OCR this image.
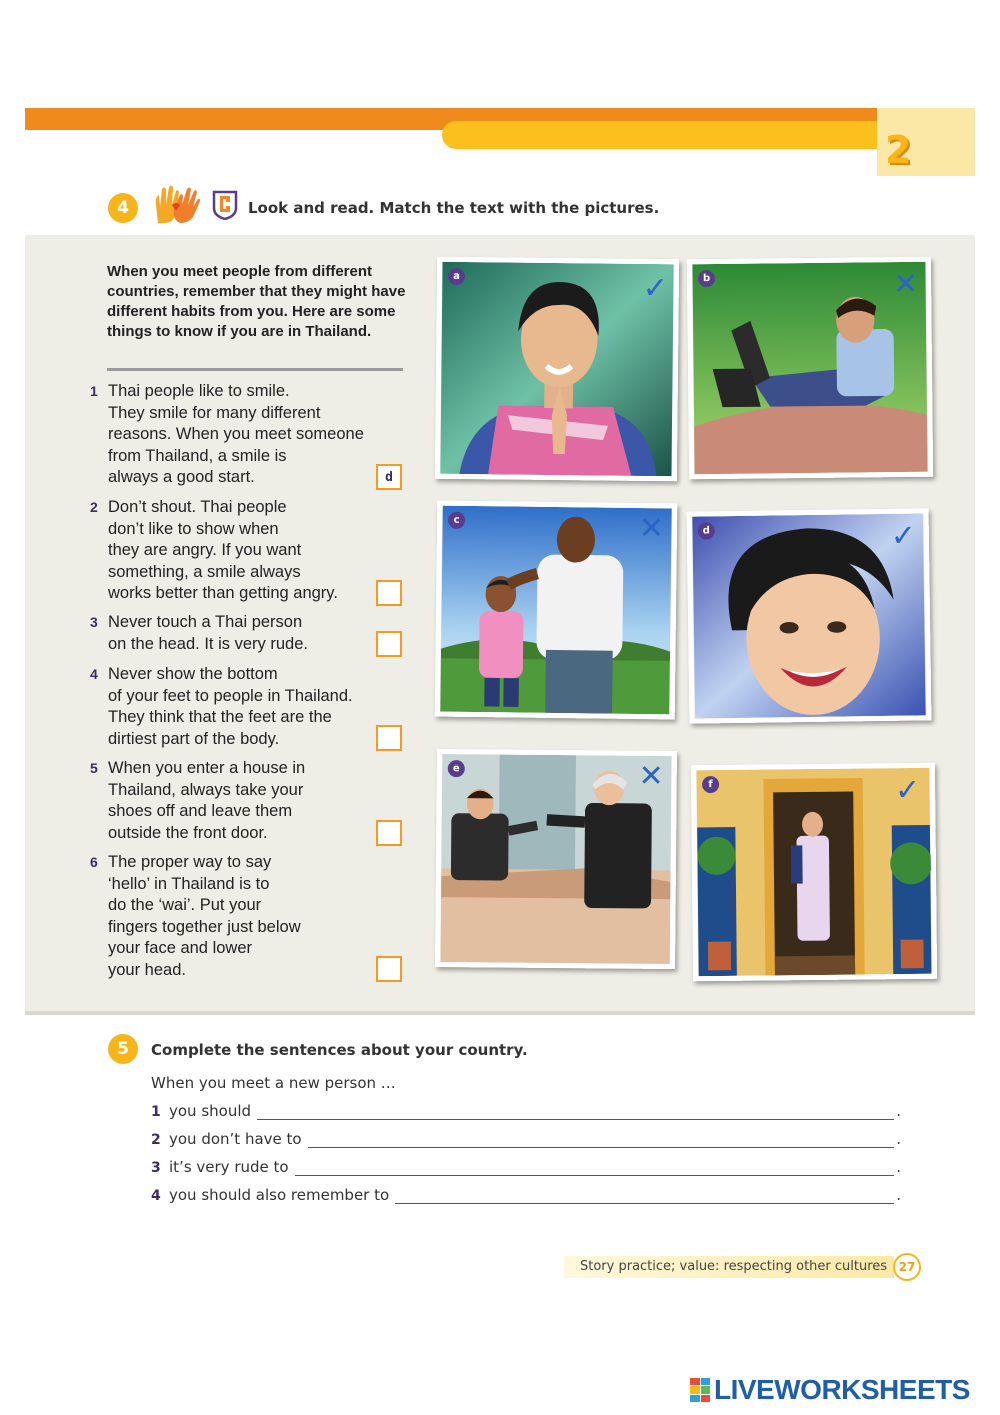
2
4	Look and read. Match the text with the pictures.
When you meet people from different countries, remember that they might have different habits from you. Here are some things to know if you are in Thailand.
1 Thai people like to smile.
They smile for many different
reasons. When you meet someone
from Thailand, a smile is
always a good start.	d
2 Don’t shout. Thai people
don’t like to show when
they are angry. If you want
something, a smile always
works better than getting angry.
3 Never touch a Thai person
on the head. It is very rude.
4 Never show the bottom
of your feet to people in Thailand.
They think that the feet are the
dirtiest part of the body.
5 When you enter a house in
Thailand, always take your
shoes off and leave them
outside the front door.
6 The proper way to say
‘hello’ in Thailand is to
do the ‘wai’. Put your
fingers together just below
your face and lower
your head.
a	✓	b	✕
c	✕	d	✓
e	✕	f	✓
5	Complete the sentences about your country.
When you meet a new person …
1 you should	.
2 you don’t have to	.
3 it’s very rude to	.
4 you should also remember to	.
Story practice; value: respecting other cultures 27
LIVEWORKSHEETS
